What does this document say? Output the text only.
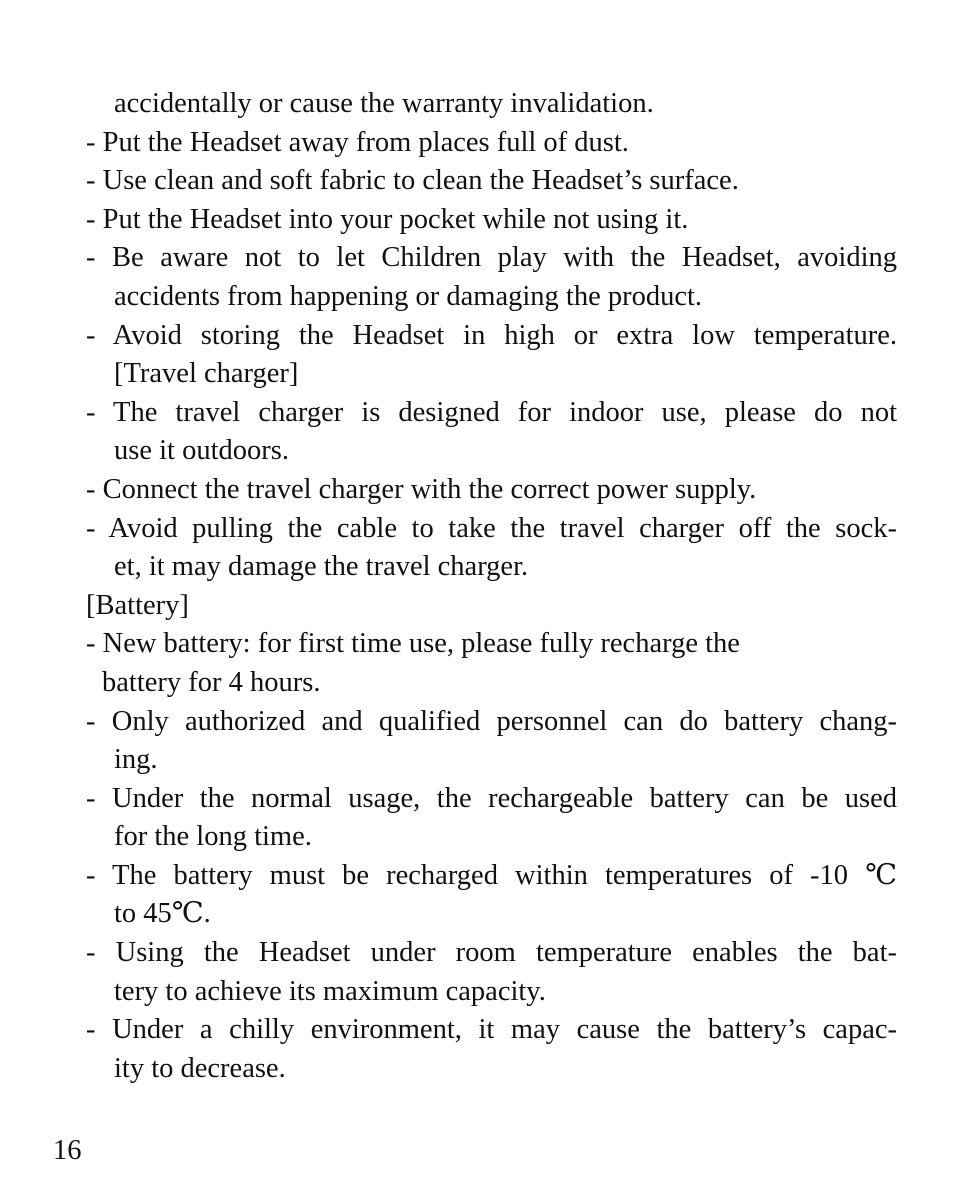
accidentally or cause the warranty invalidation.
- Put the Headset away from places full of dust.
- Use clean and soft fabric to clean the Headset’s surface.
- Put the Headset into your pocket while not using it.
- Be aware not to let Children play with the Headset, avoiding
accidents from happening or damaging the product.
- Avoid storing the Headset in high or extra low temperature.
[Travel charger]
- The travel charger is designed for indoor use, please do not
use it outdoors.
- Connect the travel charger with the correct power supply.
- Avoid pulling the cable to take the travel charger off the sock-
et, it may damage the travel charger.
[Battery]
- New battery: for first time use, please fully recharge the
battery for 4 hours.
- Only authorized and qualified personnel can do battery chang-
ing.
- Under the normal usage, the rechargeable battery can be used
for the long time.
- The battery must be recharged within temperatures of -10 ℃
to 45℃.
- Using the Headset under room temperature enables the bat-
tery to achieve its maximum capacity.
- Under a chilly environment, it may cause the battery’s capac-
ity to decrease.
16
